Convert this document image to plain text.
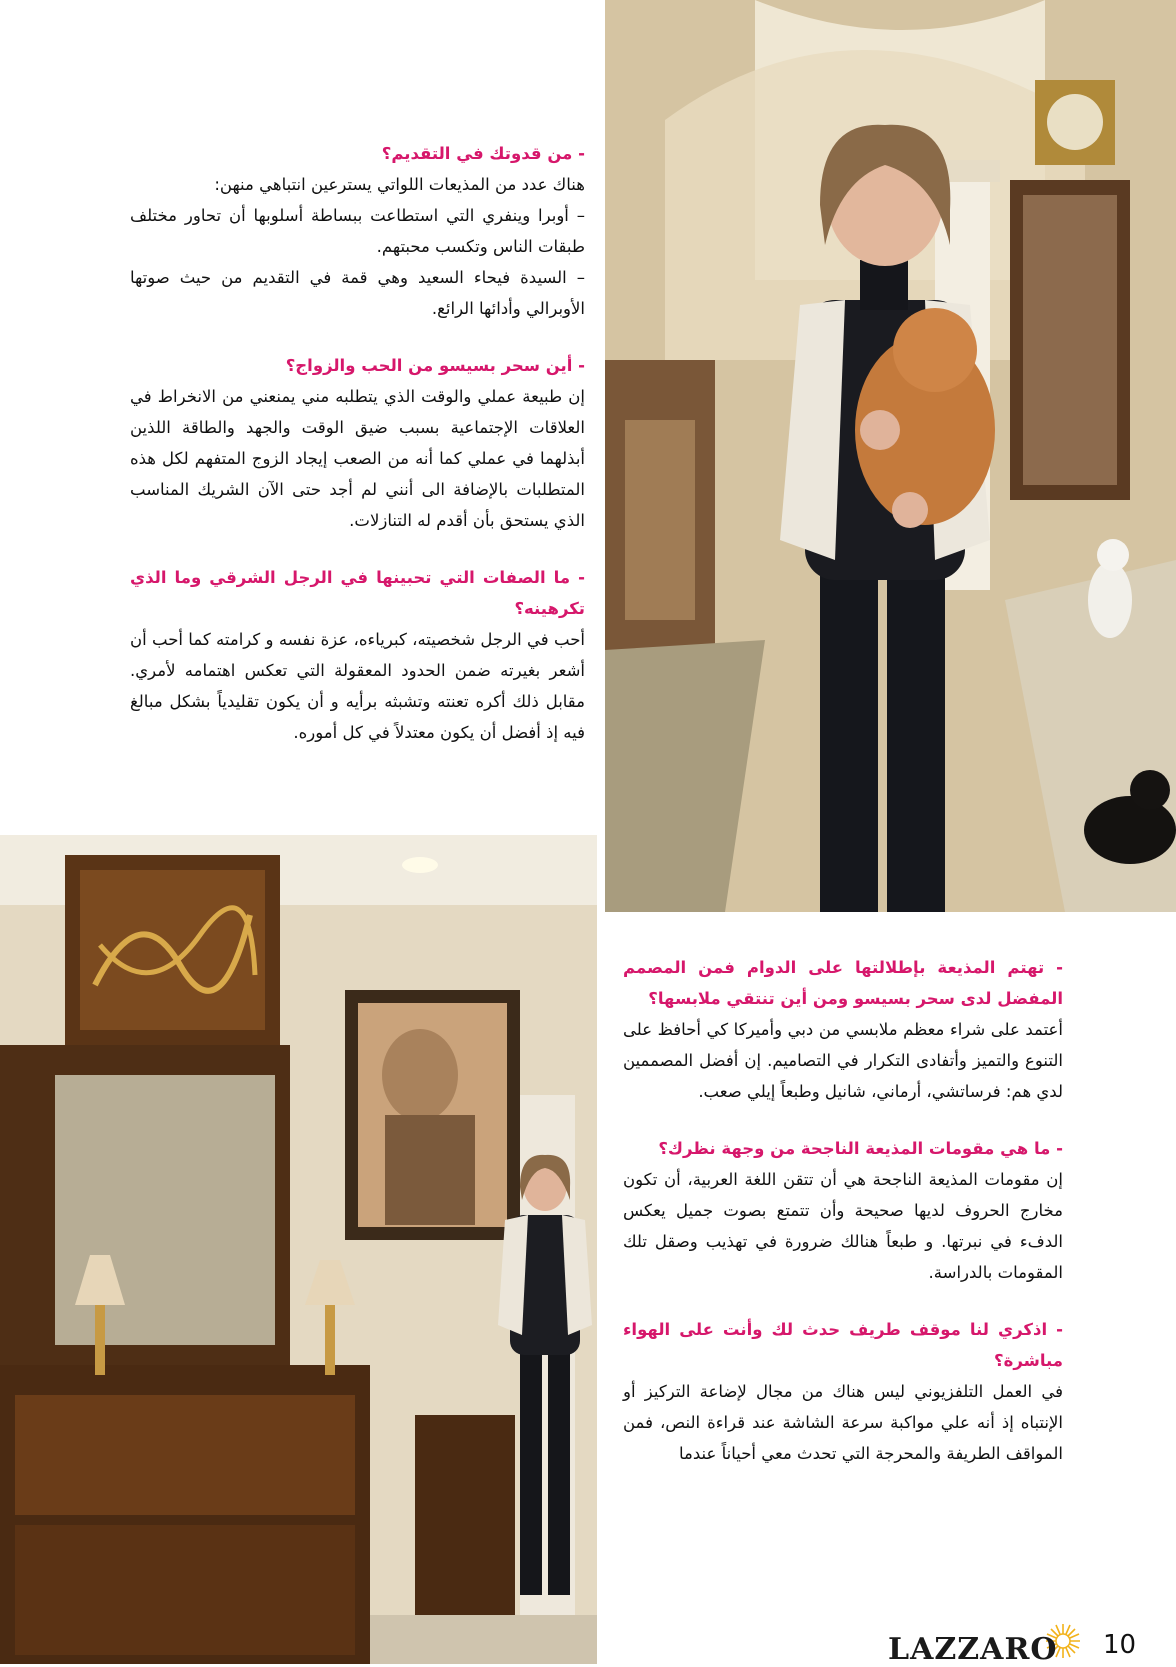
- من قدوتك في التقديم؟

هناك عدد من المذيعات اللواتي يسترعين انتباهي منهن:
– أوبرا وينفري التي استطاعت ببساطة أسلوبها أن تحاور مختلف طبقات الناس وتكسب محبتهم.
– السيدة فيحاء السعيد وهي قمة في التقديم من حيث صوتها الأوبرالي وأدائها الرائع.

- أين سحر بسيسو من الحب والزواج؟

إن طبيعة عملي والوقت الذي يتطلبه مني يمنعني من الانخراط في العلاقات الإجتماعية بسبب ضيق الوقت والجهد والطاقة اللذين أبذلهما في عملي كما أنه من الصعب إيجاد الزوج المتفهم لكل هذه المتطلبات بالإضافة الى أنني لم أجد حتى الآن الشريك المناسب الذي يستحق بأن أقدم له التنازلات.

- ما الصفات التي تحبينها في الرجل الشرقي وما الذي تكرهينه؟

أحب في الرجل شخصيته، كبرياءه، عزة نفسه و كرامته كما أحب أن أشعر بغيرته ضمن الحدود المعقولة التي تعكس اهتمامه لأمري. مقابل ذلك أكره تعنته وتشبثه برأيه و أن يكون تقليدياً بشكل مبالغ فيه إذ أفضل أن يكون معتدلاً في كل أموره.

- تهتم المذيعة بإطلالتها على الدوام فمن المصمم المفضل لدى سحر بسيسو ومن أين تنتقي ملابسها؟

أعتمد على شراء معظم ملابسي من دبي وأميركا كي أحافظ على التنوع والتميز وأتفادى التكرار في التصاميم. إن أفضل المصممين لدي هم: فرساتشي، أرماني، شانيل وطبعاً إيلي صعب.

- ما هي مقومات المذيعة الناجحة من وجهة نظرك؟

إن مقومات المذيعة الناجحة هي أن تتقن اللغة العربية، أن تكون مخارج الحروف لديها صحيحة وأن تتمتع بصوت جميل يعكس الدفء في نبرتها. و طبعاً هنالك ضرورة في تهذيب وصقل تلك المقومات بالدراسة.

- اذكري لنا موقف طريف حدث لك وأنت على الهواء مباشرة؟

في العمل التلفزيوني ليس هناك من مجال لإضاعة التركيز أو الإنتباه إذ أنه علي مواكبة سرعة الشاشة عند قراءة النص، فمن المواقف الطريفة والمحرجة التي تحدث معي أحياناً عندما

LAZZARO 10
